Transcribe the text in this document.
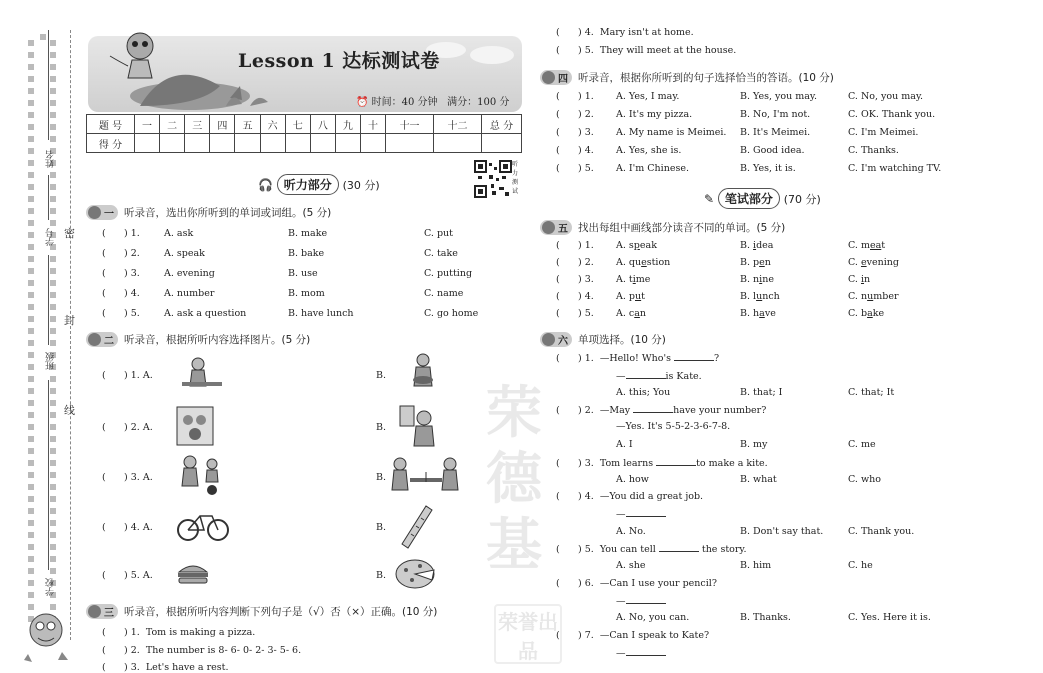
姓名
学号
班级
学校
密
封
线
Lesson 1 达标测试卷
⏰ 时间：40 分钟 满分：100 分
题 号	一	二	三	四	五	六	七	八	九	十	十一	十二	总 分
得 分													
听力测试
🎧 听力部分 (30 分)
一 听录音，选出你所听到的单词或词组。(5 分)
( ) 1.	A. ask	B. make	C. put
( ) 2.	A. speak	B. bake	C. take
( ) 3.	A. evening	B. use	C. putting
( ) 4.	A. number	B. mom	C. name
( ) 5.	A. ask a question	B. have lunch	C. go home
二 听录音，根据所听内容选择图片。(5 分)
( ) 1. A.	B.
( ) 2. A.	B.
( ) 3. A.	B.
( ) 4. A.	B.
( ) 5. A.	B.
三 听录音，根据所听内容判断下列句子是（√）否（×）正确。(10 分)
( ) 1. Tom is making a pizza.
( ) 2. The number is 8- 6- 0- 2- 3- 5- 6.
( ) 3. Let's have a rest.
( ) 4. Mary isn't at home.
( ) 5. They will meet at the house.
荣
德
基
荣 誉 出
品
四 听录音，根据你所听到的句子选择恰当的答语。(10 分)
( ) 1. A. Yes, I may.	B. Yes, you may.	C. No, you may.
( ) 2. A. It's my pizza.	B. No, I'm not.	C. OK. Thank you.
( ) 3. A. My name is Meimei. B. It's Meimei.	C. I'm Meimei.
( ) 4. A. Yes, she is.	B. Good idea.	C. Thanks.
( ) 5. A. I'm Chinese.	B. Yes, it is.	C. I'm watching TV.
✎ 笔试部分 (70 分)
五 找出每组中画线部分读音不同的单词。(5 分)
( ) 1. A. speak	B. idea	C. meat
( ) 2. A. question	B. pen	C. evening
( ) 3. A. time	B. nine	C. in
( ) 4. A. put	B. lunch	C. number
( ) 5. A. can	B. have	C. bake
六 单项选择。(10 分)
( ) 1. —Hello! Who's	?
—	is Kate.
A. this; You	B. that; I	C. that; It
( ) 2. —May	have your number?
—Yes. It's 5-5-2-3-6-7-8.
A. I	B. my	C. me
( ) 3. Tom learns	to make a kite.
A. how	B. what	C. who
( ) 4. —You did a great job.
—
A. No.	B. Don't say that.	C. Thank you.
( ) 5. You can tell	the story.
A. she	B. him	C. he
( ) 6. —Can I use your pencil?
—
A. No, you can.	B. Thanks.	C. Yes. Here it is.
( ) 7. —Can I speak to Kate?
—
